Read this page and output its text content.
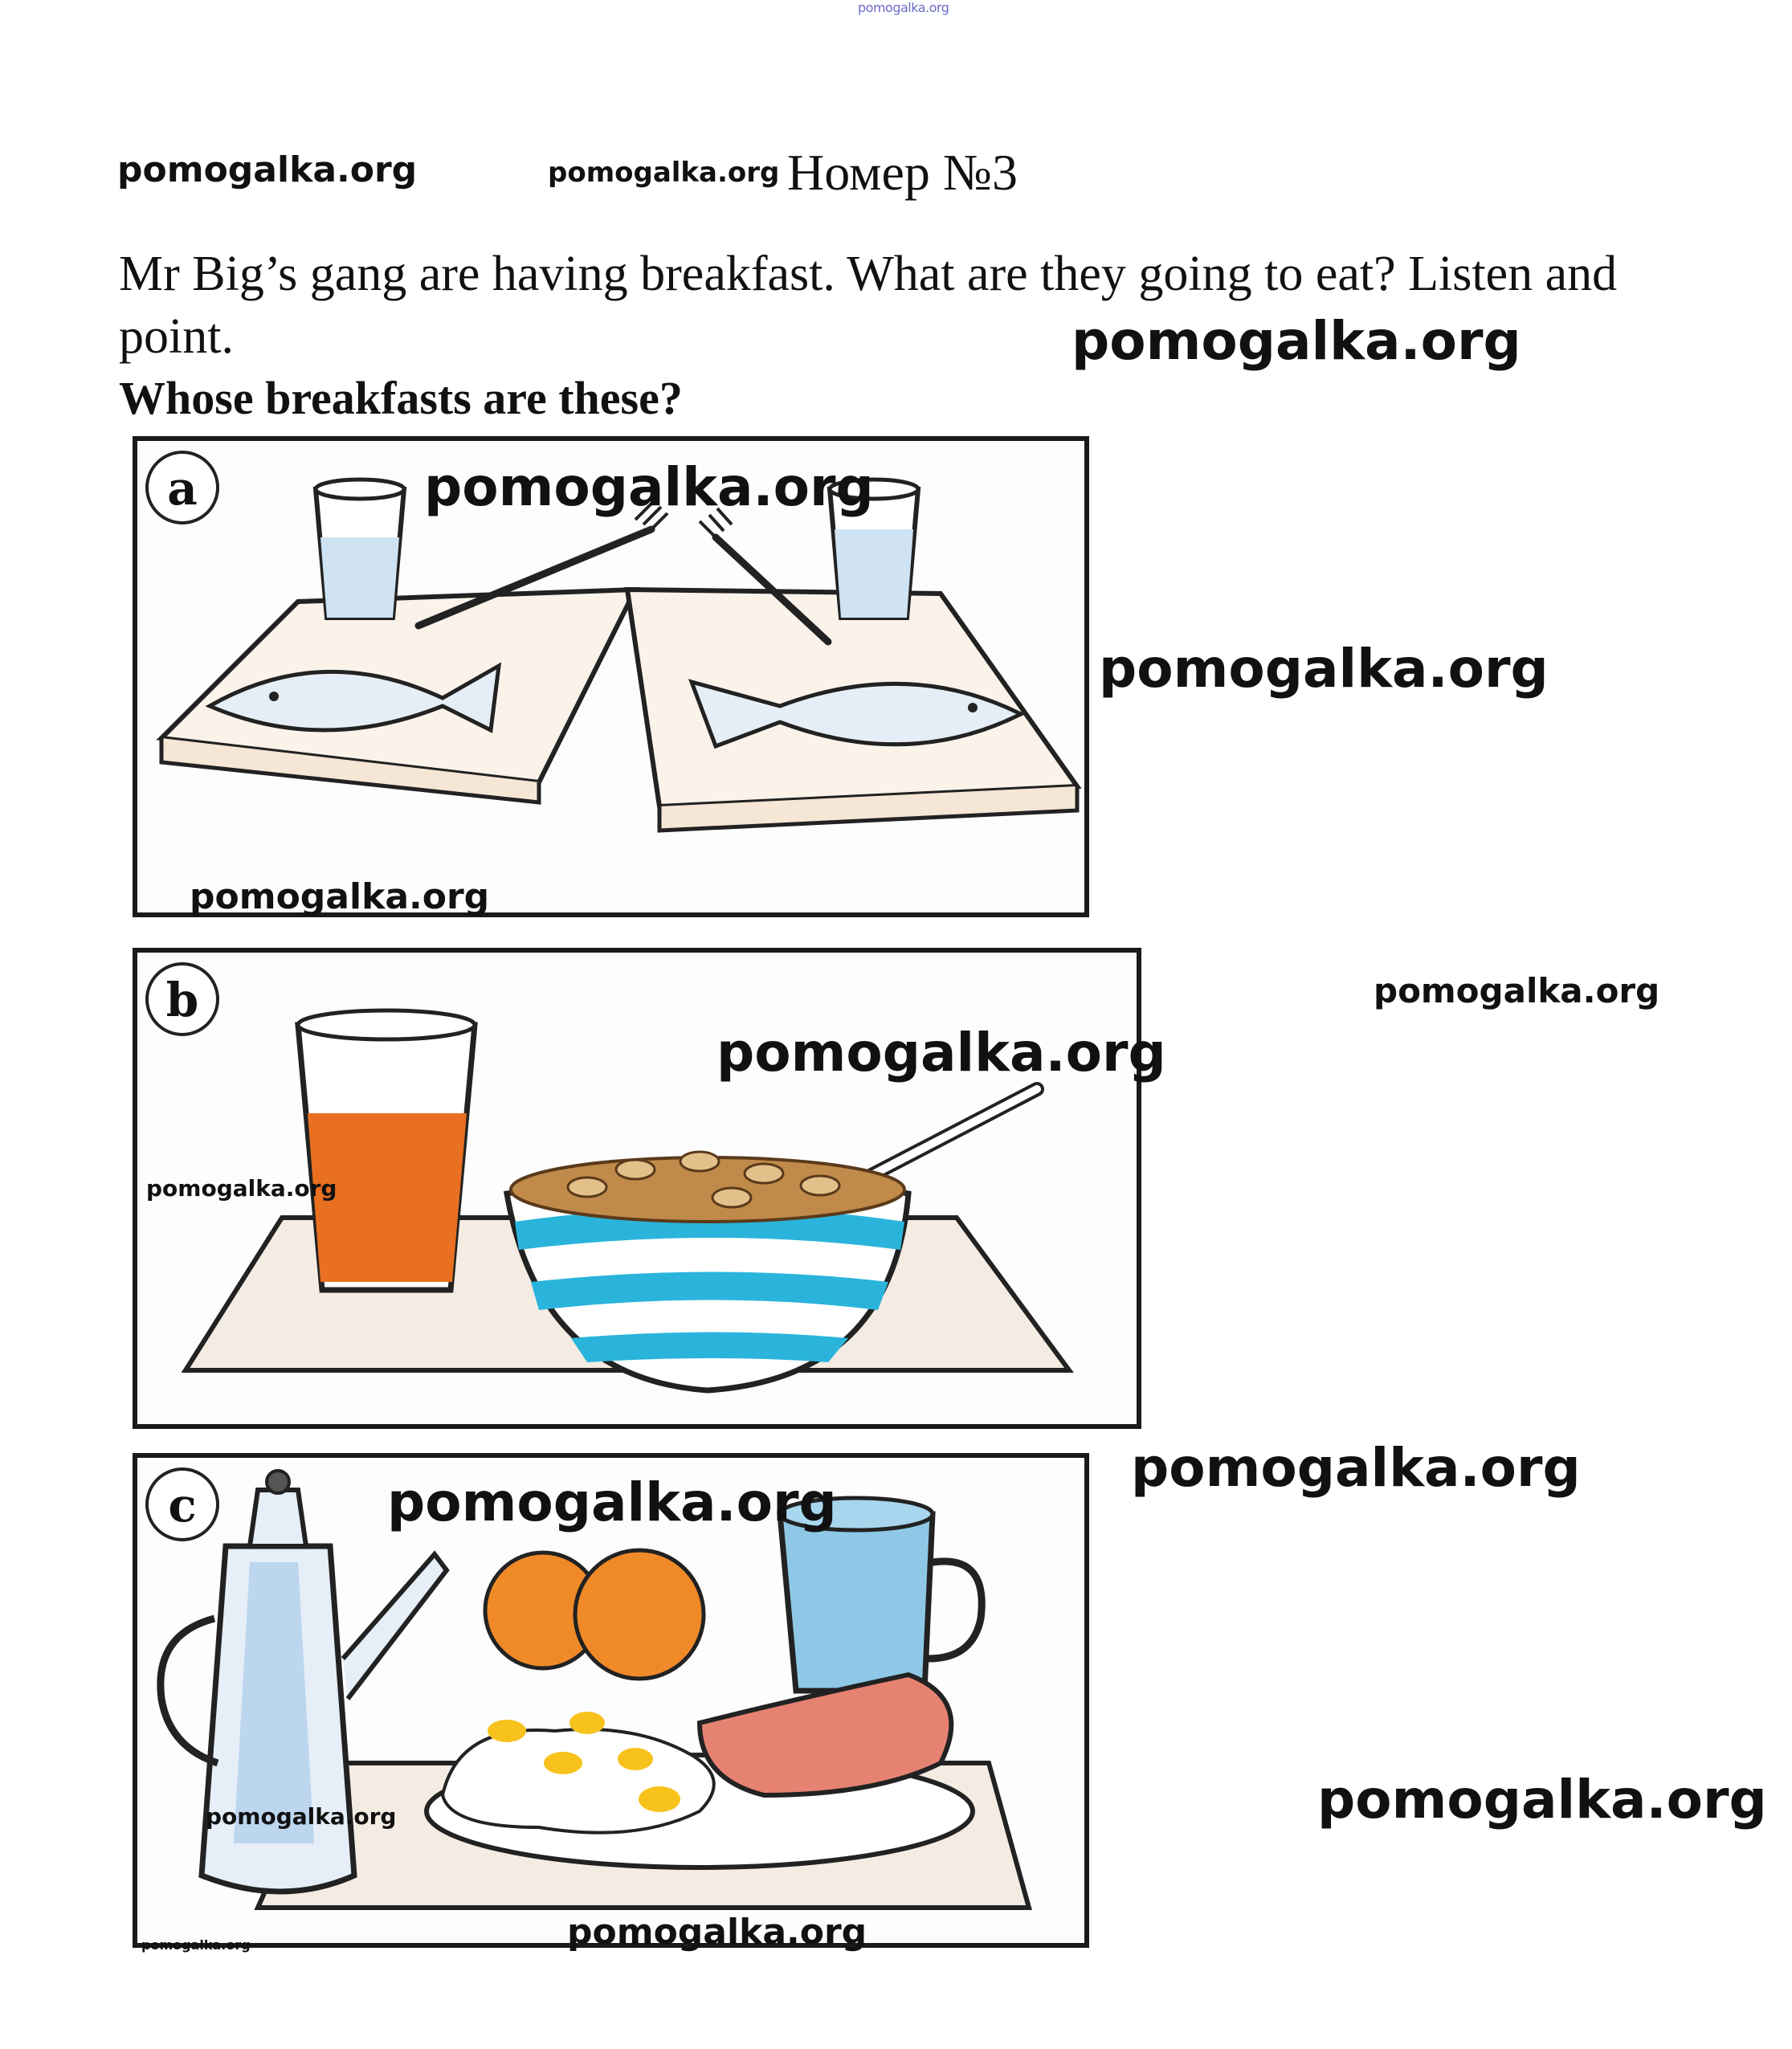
pomogalka.org
pomogalka.org	pomogalka.org Номер №3
Mr Big’s gang are having breakfast. What are they going to eat? Listen and point.	pomogalka.org
Whose breakfasts are these?
a
b
c
pomogalka.org
pomogalka.org
pomogalka.org
pomogalka.org
pomogalka.org
pomogalka.org
pomogalka.org
pomogalka.org
pomogalka.org
pomogalka.org
pomogalka.org
pomogalka.org
